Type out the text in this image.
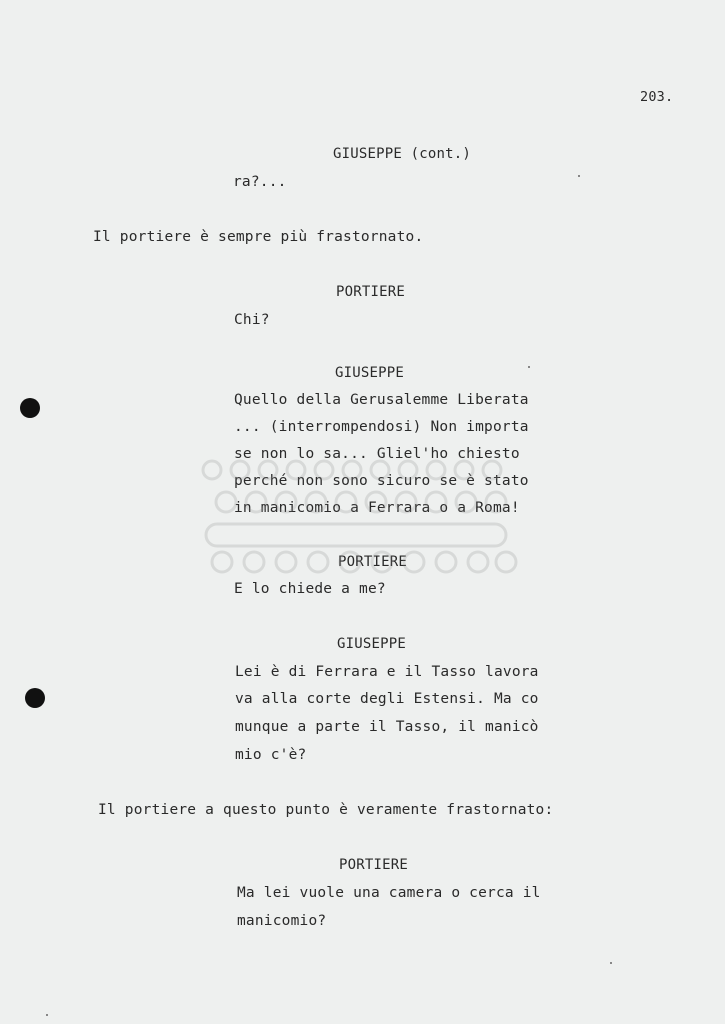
203.
GIUSEPPE (cont.)
ra?...
Il portiere è sempre più frastornato.
PORTIERE
Chi?
GIUSEPPE
Quello della Gerusalemme Liberata
... (interrompendosi) Non importa
se non lo sa... Gliel'ho chiesto
perché non sono sicuro se è stato
in manicomio a Ferrara o a Roma!
PORTIERE
E lo chiede a me?
GIUSEPPE
Lei è di Ferrara e il Tasso lavora
va alla corte degli Estensi. Ma co
munque a parte il Tasso, il manicò
mio c'è?
Il portiere a questo punto è veramente frastornato:
PORTIERE
Ma lei vuole una camera o cerca il
manicomio?
